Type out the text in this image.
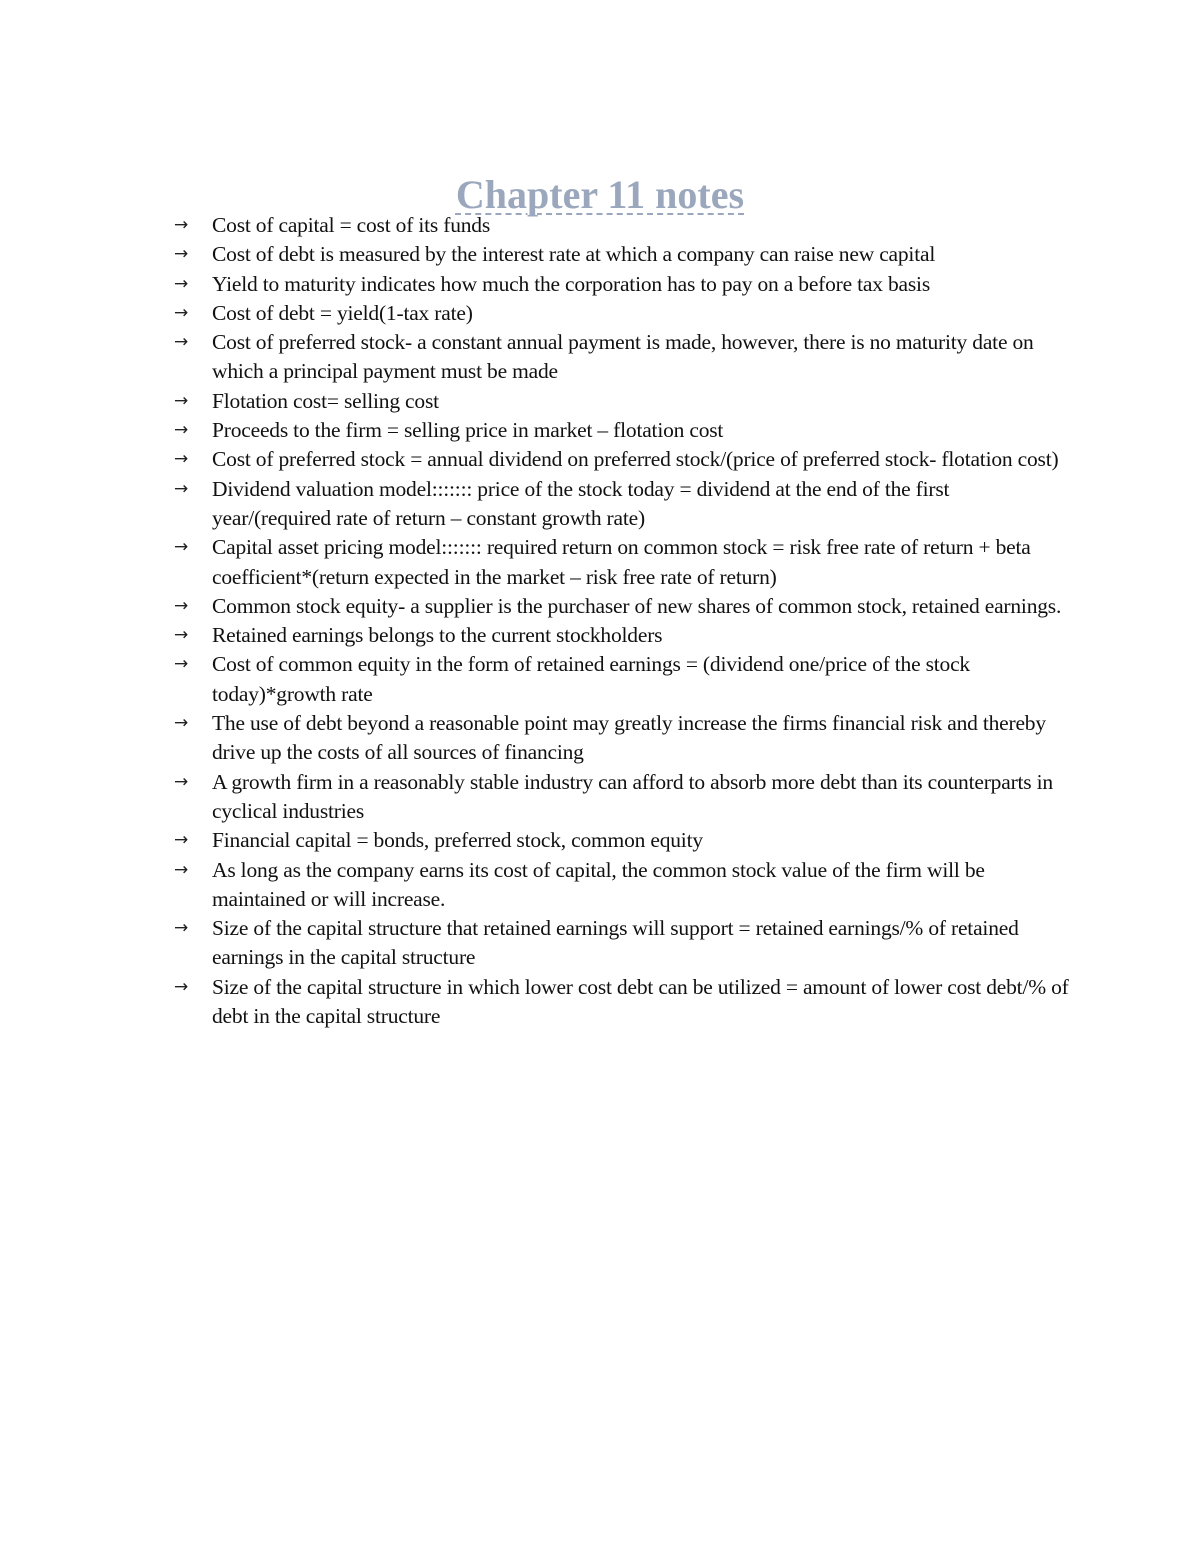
Chapter 11 notes
→ Cost of capital = cost of its funds
→ Cost of debt is measured by the interest rate at which a company can raise new capital
→ Yield to maturity indicates how much the corporation has to pay on a before tax basis
→ Cost of debt = yield(1-tax rate)
→ Cost of preferred stock- a constant annual payment is made, however, there is no maturity date on which a principal payment must be made
→ Flotation cost= selling cost
→ Proceeds to the firm = selling price in market – flotation cost
→ Cost of preferred stock = annual dividend on preferred stock/(price of preferred stock- flotation cost)
→ Dividend valuation model::::::: price of the stock today = dividend at the end of the first year/(required rate of return – constant growth rate)
→ Capital asset pricing model::::::: required return on common stock = risk free rate of return + beta coefficient*(return expected in the market – risk free rate of return)
→ Common stock equity- a supplier is the purchaser of new shares of common stock, retained earnings.
→ Retained earnings belongs to the current stockholders
→ Cost of common equity in the form of retained earnings = (dividend one/price of the stock today)*growth rate
→ The use of debt beyond a reasonable point may greatly increase the firms financial risk and thereby drive up the costs of all sources of financing
→ A growth firm in a reasonably stable industry can afford to absorb more debt than its counterparts in cyclical industries
→ Financial capital = bonds, preferred stock, common equity
→ As long as the company earns its cost of capital, the common stock value of the firm will be maintained or will increase.
→ Size of the capital structure that retained earnings will support = retained earnings/% of retained earnings in the capital structure
→ Size of the capital structure in which lower cost debt can be utilized = amount of lower cost debt/% of debt in the capital structure
